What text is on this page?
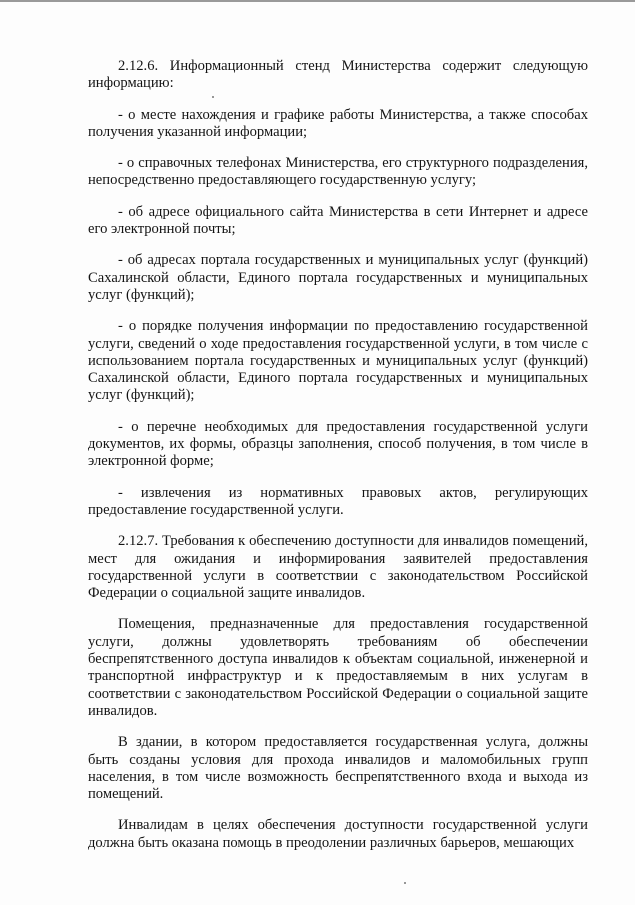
2.12.6. Информационный стенд Министерства содержит следующую информацию:

- о месте нахождения и графике работы Министерства, а также способах получения указанной информации;

- о справочных телефонах Министерства, его структурного подразделения, непосредственно предоставляющего государственную услугу;

- об адресе официального сайта Министерства в сети Интернет и адресе его электронной почты;

- об адресах портала государственных и муниципальных услуг (функций) Сахалинской области, Единого портала государственных и муниципальных услуг (функций);

- о порядке получения информации по предоставлению государственной услуги, сведений о ходе предоставления государственной услуги, в том числе с использованием портала государственных и муниципальных услуг (функций) Сахалинской области, Единого портала государственных и муниципальных услуг (функций);

- о перечне необходимых для предоставления государственной услуги документов, их формы, образцы заполнения, способ получения, в том числе в электронной форме;

- извлечения из нормативных правовых актов, регулирующих предоставление государственной услуги.

2.12.7. Требования к обеспечению доступности для инвалидов помещений, мест для ожидания и информирования заявителей предоставления государственной услуги в соответствии с законодательством Российской Федерации о социальной защите инвалидов.

Помещения, предназначенные для предоставления государственной услуги, должны удовлетворять требованиям об обеспечении беспрепятственного доступа инвалидов к объектам социальной, инженерной и транспортной инфраструктур и к предоставляемым в них услугам в соответствии с законодательством Российской Федерации о социальной защите инвалидов.

В здании, в котором предоставляется государственная услуга, должны быть созданы условия для прохода инвалидов и маломобильных групп населения, в том числе возможность беспрепятственного входа и выхода из помещений.

Инвалидам в целях обеспечения доступности государственной услуги должна быть оказана помощь в преодолении различных барьеров, мешающих
